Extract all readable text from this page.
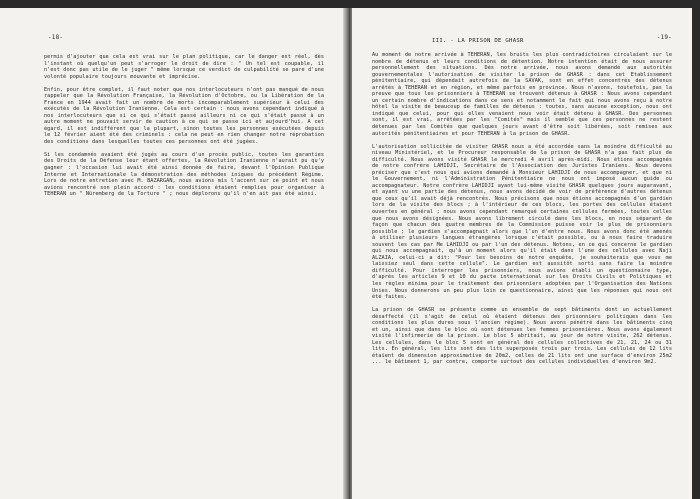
-18-

permis d'ajouter que cela est vrai sur le plan politique, car le danger est réel, dès l'instant où quelqu'un peut s'arroger le droit de dire : " Un tel est coupable, il n'est donc pas utile de le juger " même lorsque ce verdict de culpabilité se pare d'une volonté populaire toujours mouvante et imprécise.

Enfin, pour être complet, il faut noter que nos interlocuteurs n'ont pas manqué de nous rappeler que la Révolution Française, la Révolution d'Octobre, ou la Libération de la France en 1944 avait fait un nombre de morts incomparablement supérieur à celui des exécutés de la Révolution Iranienne. Cela est certain : nous avons cependant indiqué à nos interlocuteurs que si ce qui s'était passé ailleurs ni ce qui s'était passé à un autre moment ne pouvait servir de caution à ce qui se passe ici et aujourd'hui. A cet égard, il est indifférent que la plupart, sinon toutes les personnes exécutées depuis le 12 février aient été des criminels : cela ne peut en rien changer notre réprobation des conditions dans lesquelles toutes ces personnes ont été jugées.

Si les condamnés avaient été jugés au cours d'un procès public, toutes les garanties des Droits de la Défense leur étant offertes, la Révolution Iranienne n'aurait pu qu'y gagner : l'occasion lui avait été ainsi donnée de faire, devant l'Opinion Publique Interne et Internationale la démonstration des méthodes iniques du précédent Régime. Lors de notre entretien avec M. BAZARGAN, nous avions mis l'accent sur ce point et nous avions rencontré son plein accord : les conditions étaient remplies pour organiser à TEHERAN un " Nüremberg de la Torture " ; nous déplorons qu'il n'en ait pas été ainsi.

III. - LA PRISON DE GHASR	-19-

Au moment de notre arrivée à TEHERAN, les bruits les plus contradictoires circulaient sur le nombre de détenus et leurs conditions de détention. Notre intention était de nous assurer personnellement des situations. Dès notre arrivée, nous avons demandé aux autorités gouvernementales l'autorisation de visiter la prison de GHASR : dans cet Etablissement pénitentiaire, qui dépendait autrefois de la SAVAK, sont en effet concentrés des détenus arrêtés à TEHERAN et en région, et même parfois en province. Nous n'avons, toutefois, pas la preuve que tous les prisonniers à TEHERAN se trouvent détenus à GHASR : Nous avons cependant un certain nombre d'indications dans ce sens et notamment le fait qui nous avons reçu à notre hôtel la visite de beaucoup de familles de détenus : toutes, sans aucune exception, nous ont indiqué que celui, pour qui elles venaient nous voir était détenu à GHASR. Des personnes sont, il est vrai, arrêtées par les "Comités" mais il semble que ces personnes ne restent détenues par les Comités que quelques jours avant d'être soit libérées, soit remises aux autorités pénitentiaires et pour TEHERAN à la prison de GHASR.

L'autorisation sollicitée de visiter GHASR nous a été accordée sans la moindre difficulté au niveau Ministériel, et le Procureur responsable de la prison de GHASR n'a pas fait plus de difficulté. Nous avons visité GHASR le mercredi 4 avril après-midi. Nous étions accompagnés de notre confrère LAHIDJI, Secrétaire de l'Association des Juristes Iraniens. Nous devons préciser que c'est nous qui avions demandé à Monsieur LAHIDJI de nous accompagner, et que ni le Gouvernement, ni l'Administration Pénitentiaire ne nous ont imposé aucun guide ou accompagnateur. Notre confrère LAHIDJI ayant lui-même visité GHASR quelques jours auparavant, et ayant vu une partie des détenus, nous avons décidé de voir de préférence d'autres détenus que ceux qu'il avait déjà rencontrés. Nous précisons que nous étions accompagnés d'un gardien lors de la visite des blocs ; à l'intérieur de ces blocs, les portes des cellules étaient ouvertes en général ; nous avons cependant remarqué certaines cellules fermées, toutes celles que nous avons désignées. Nous avons librement circulé dans les blocs, en nous séparant de façon que chacun des quatre membres de la Commission puisse voir le plus de prisonniers possible ; le gardien s'accompagnait alors que l'un d'entre nous. Nous avons donc été amenés à utiliser plusieurs langues étrangères lorsque c'était possible, ou à nous faire traduire souvent les cas par Me LAHIDJI ou par l'un des détenus. Notons, en ce qui concerne le gardien qui nous accompagnait, qu'à un moment alors qu'il était dans l'une des cellules avec Naji ALZAIA, celui-ci a dit: "Pour les besoins de notre enquête, je souhaiterais que vous me laissiez seul dans cette cellule". Le gardien est aussitôt sorti sans faire la moindre difficulté. Pour interroger les prisonniers, nous avions établi un questionnaire type, d'après les articles 9 et 10 du pacte international sur les Droits Civils et Politiques et les règles minima pour le traitement des prisonniers adoptées par l'Organisation des Nations Unies. Nous donnerons un peu plus loin ce questionnaire, ainsi que les réponses qui nous ont été faites.

La prison de GHASR se présente comme un ensemble de sept bâtiments dont un actuellement désaffecté (il s'agit de celui où étaient détenus des prisonniers politiques dans les conditions les plus dures sous l'ancien régime). Nous avons pénétré dans les bâtiments cinq et un, ainsi que dans le bloc où sont détenues les femmes prisonnières. Nous avons également visité l'infirmerie de la prison. Le bloc 5 abritait, au jour de notre visite, 262 détenus. Les cellules, dans le bloc 5 sont en général des cellules collectives de 21, 21, 24 ou 31 lits. En général, les lits sont des lits superposés trois par trois. Les cellules de 12 lits étaient de dimension approximative de 20m2, celles de 21 lits ont une surface d'environ 25m2 ... le bâtiment 1, par contre, comporte surtout des cellules individuelles d'environ 9m2.
